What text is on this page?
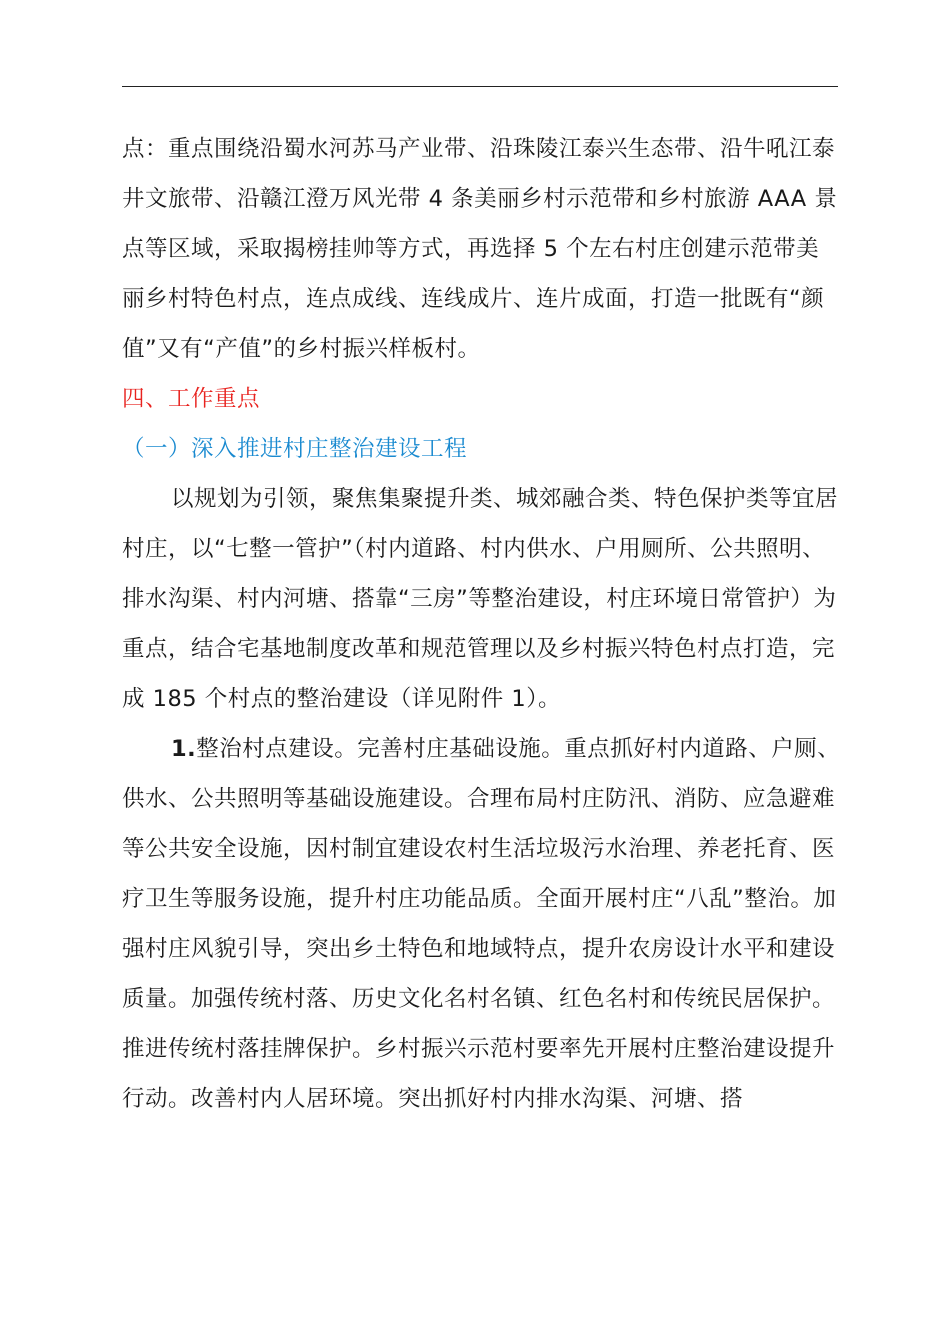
点：重点围绕沿蜀水河苏马产业带、沿珠陵江泰兴生态带、沿牛吼江泰井文旅带、沿赣江澄万风光带 4 条美丽乡村示范带和乡村旅游 AAA 景点等区域，采取揭榜挂帅等方式，再选择 5 个左右村庄创建示范带美丽乡村特色村点，连点成线、连线成片、连片成面，打造一批既有“颜值”又有“产值”的乡村振兴样板村。

四、工作重点

（一）深入推进村庄整治建设工程

以规划为引领，聚焦集聚提升类、城郊融合类、特色保护类等宜居村庄，以“七整一管护”（村内道路、村内供水、户用厕所、公共照明、排水沟渠、村内河塘、搭靠“三房”等整治建设，村庄环境日常管护）为重点，结合宅基地制度改革和规范管理以及乡村振兴特色村点打造，完成 185 个村点的整治建设（详见附件 1）。

1.整治村点建设。完善村庄基础设施。重点抓好村内道路、户厕、供水、公共照明等基础设施建设。合理布局村庄防汛、消防、应急避难等公共安全设施，因村制宜建设农村生活垃圾污水治理、养老托育、医疗卫生等服务设施，提升村庄功能品质。全面开展村庄“八乱”整治。加强村庄风貌引导，突出乡土特色和地域特点，提升农房设计水平和建设质量。加强传统村落、历史文化名村名镇、红色名村和传统民居保护。推进传统村落挂牌保护。乡村振兴示范村要率先开展村庄整治建设提升行动。改善村内人居环境。突出抓好村内排水沟渠、河塘、搭
